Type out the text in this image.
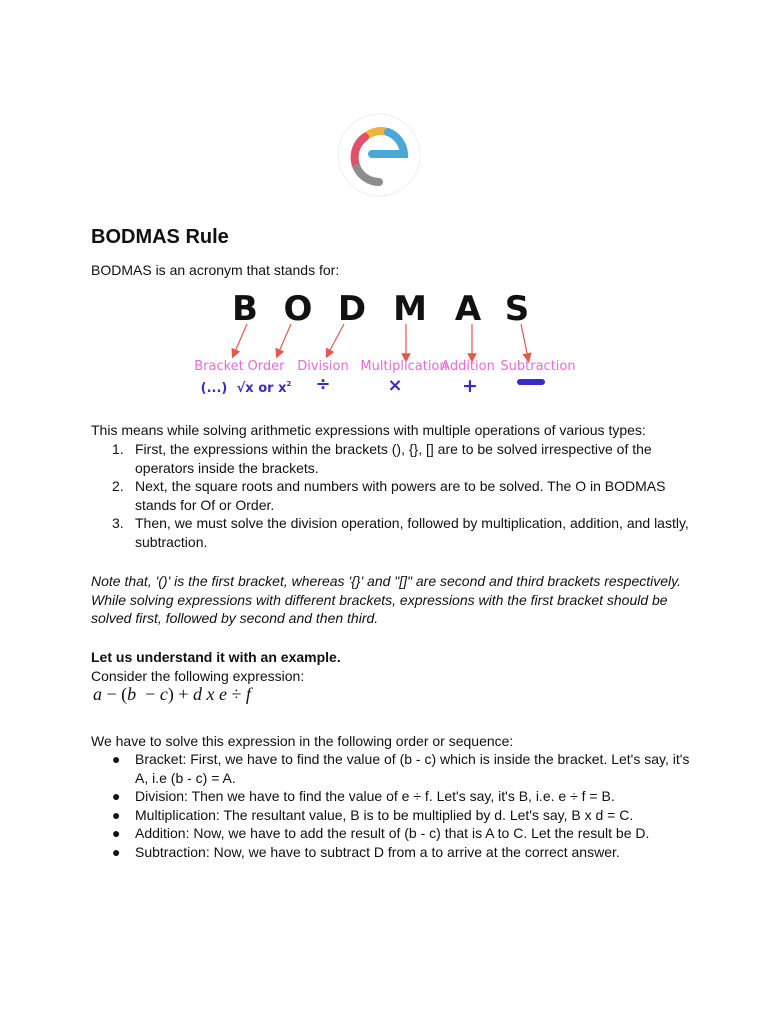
BODMAS Rule

BODMAS is an acronym that stands for:

B O D M A S
Bracket Order Division Multiplication
Addition Subtraction
(...) √x or $x^2$ ÷	×	+

This means while solving arithmetic expressions with multiple operations of various types:

1. First, the expressions within the brackets (), {}, [] are to be solved irrespective of the operators inside the brackets.
2. Next, the square roots and numbers with powers are to be solved. The O in BODMAS stands for Of or Order.
3. Then, we must solve the division operation, followed by multiplication, addition, and lastly, subtraction.

Note that, '()' is the first bracket, whereas '{}' and "[]" are second and third brackets respectively. While solving expressions with different brackets, expressions with the first bracket should be solved first, followed by second and then third.

Let us understand it with an example.

Consider the following expression:

a − (b  − c) + d x e ÷ f

We have to solve this expression in the following order or sequence:

● Bracket: First, we have to find the value of (b - c) which is inside the bracket. Let's say, it's A, i.e (b - c) = A.
● Division: Then we have to find the value of e ÷ f. Let's say, it's B, i.e. e ÷ f = B.
● Multiplication: The resultant value, B is to be multiplied by d. Let's say, B x d = C.
● Addition: Now, we have to add the result of (b - c) that is A to C. Let the result be D.
● Subtraction: Now, we have to subtract D from a to arrive at the correct answer.
